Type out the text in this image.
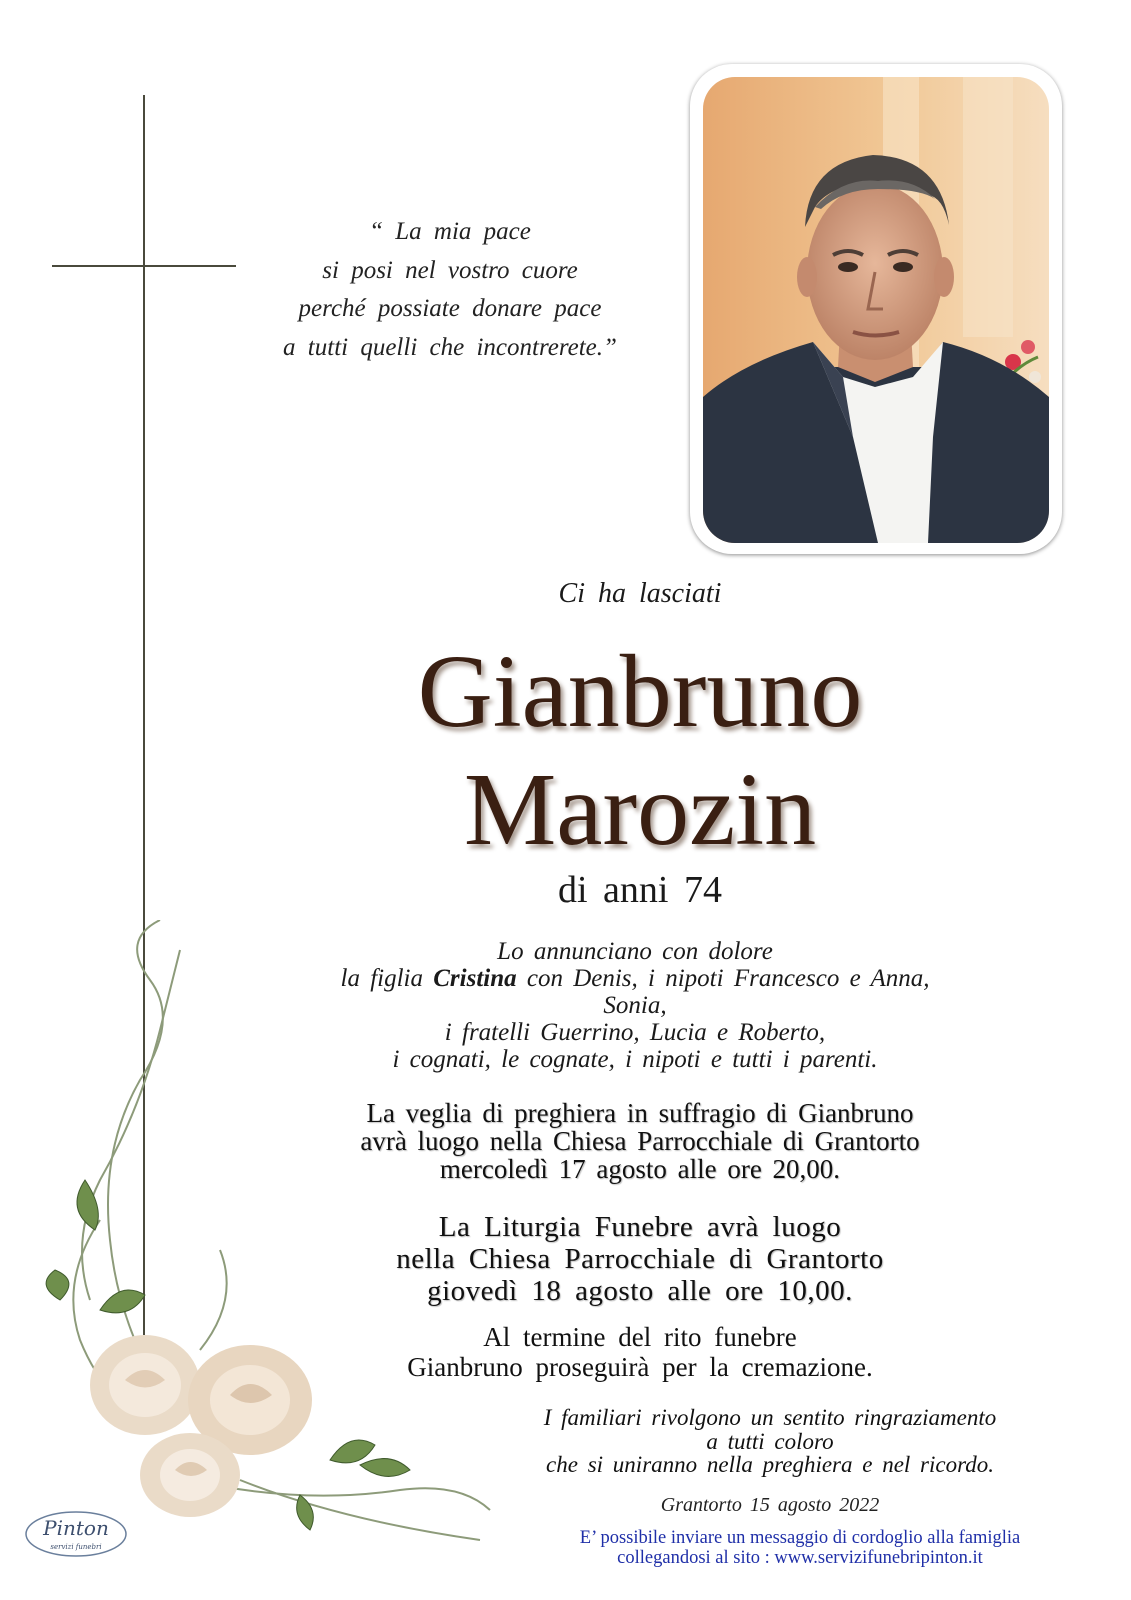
“ La mia pace
si posi nel vostro cuore
perché possiate donare pace
a tutti quelli che incontrerete.”
Ci ha lasciati
Gianbruno
Marozin
di anni 74
Lo annunciano con dolore
la figlia Cristina con Denis, i nipoti Francesco e Anna,
Sonia,
i fratelli Guerrino, Lucia e Roberto,
i cognati, le cognate, i nipoti e tutti i parenti.
La veglia di preghiera in suffragio di Gianbruno
avrà luogo nella Chiesa Parrocchiale di Grantorto
mercoledì 17 agosto alle ore 20,00.
La Liturgia Funebre avrà luogo
nella Chiesa Parrocchiale di Grantorto
giovedì 18 agosto alle ore 10,00.
Al termine del rito funebre
Gianbruno proseguirà per la cremazione.
I familiari rivolgono un sentito ringraziamento
a tutti coloro
che si uniranno nella preghiera e nel ricordo.
Grantorto 15 agosto 2022
E’ possibile inviare un messaggio di cordoglio alla famiglia
collegandosi al sito : www.servizifunebripinton.it
Pinton
servizi funebri
